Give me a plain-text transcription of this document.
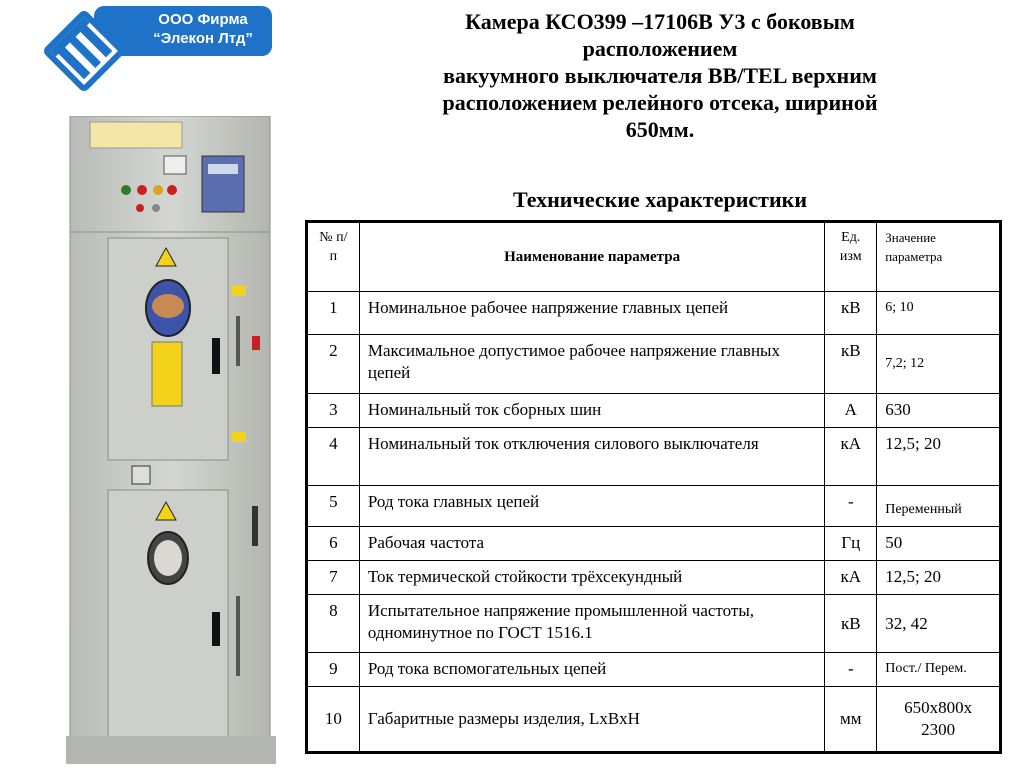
ООО Фирма
“Элекон Лтд”
Камера КСО399 –17106В У3 с боковым
расположением
вакуумного выключателя ВВ/TEL верхним
расположением релейного отсека, шириной
650мм.
Технические характеристики
№ п/п	Наименование параметра	Ед. изм	Значение параметра
1	Номинальное рабочее напряжение главных цепей	кВ	6; 10
2	Максимальное допустимое рабочее напряжение главных цепей	кВ	7,2; 12
3	Номинальный ток сборных шин	А	630
4	Номинальный ток отключения силового выключателя	кА	12,5; 20
5	Род тока главных цепей	-	Переменный
6	Рабочая частота	Гц	50
7	Ток термической стойкости трёхсекундный	кА	12,5; 20
8	Испытательное напряжение промышленной частоты, одноминутное по ГОСТ 1516.1	кВ	32, 42
9	Род тока вспомогательных цепей	-	Пост./ Перем.
10	Габаритные размеры изделия, LxBxH	мм	650x800x 2300
